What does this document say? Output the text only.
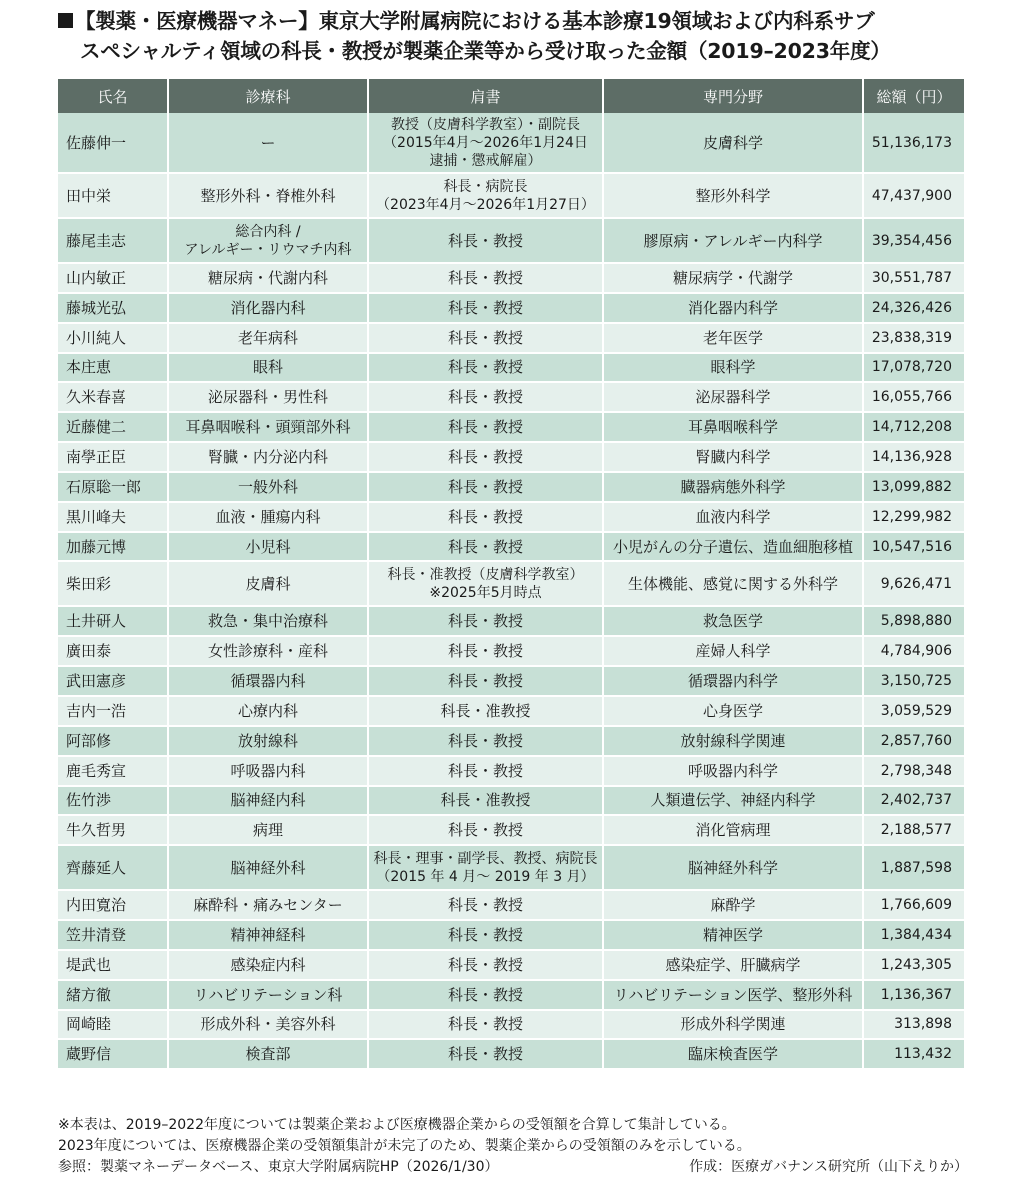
【製薬・医療機器マネー】東京大学附属病院における基本診療19領域および内科系サブ
スペシャルティ領域の科長・教授が製薬企業等から受け取った金額（2019–2023年度）
氏名	診療科	肩書	専門分野	総額（円）
佐藤伸一	ー	教授（皮膚科学教室）・副院長
（2015年4月～2026年1月24日
逮捕・懲戒解雇）	皮膚科学	51,136,173
田中栄	整形外科・脊椎外科	科長・病院長
（2023年4月～2026年1月27日）	整形外科学	47,437,900
藤尾圭志	総合内科 /
アレルギー・リウマチ内科	科長・教授	膠原病・アレルギー内科学	39,354,456
山内敏正	糖尿病・代謝内科	科長・教授	糖尿病学・代謝学	30,551,787
藤城光弘	消化器内科	科長・教授	消化器内科学	24,326,426
小川純人	老年病科	科長・教授	老年医学	23,838,319
本庄恵	眼科	科長・教授	眼科学	17,078,720
久米春喜	泌尿器科・男性科	科長・教授	泌尿器科学	16,055,766
近藤健二	耳鼻咽喉科・頭頸部外科	科長・教授	耳鼻咽喉科学	14,712,208
南學正臣	腎臓・内分泌内科	科長・教授	腎臓内科学	14,136,928
石原聡一郎	一般外科	科長・教授	臓器病態外科学	13,099,882
黒川峰夫	血液・腫瘍内科	科長・教授	血液内科学	12,299,982
加藤元博	小児科	科長・教授	小児がんの分子遺伝、造血細胞移植	10,547,516
柴田彩	皮膚科	科長・准教授（皮膚科学教室）
※2025年5月時点	生体機能、感覚に関する外科学	9,626,471
土井研人	救急・集中治療科	科長・教授	救急医学	5,898,880
廣田泰	女性診療科・産科	科長・教授	産婦人科学	4,784,906
武田憲彦	循環器内科	科長・教授	循環器内科学	3,150,725
吉内一浩	心療内科	科長・准教授	心身医学	3,059,529
阿部修	放射線科	科長・教授	放射線科学関連	2,857,760
鹿毛秀宣	呼吸器内科	科長・教授	呼吸器内科学	2,798,348
佐竹渉	脳神経内科	科長・准教授	人類遺伝学、神経内科学	2,402,737
牛久哲男	病理	科長・教授	消化管病理	2,188,577
齊藤延人	脳神経外科	科長・理事・副学長、教授、病院長
（2015 年 4 月～ 2019 年 3 月）	脳神経外科学	1,887,598
内田寛治	麻酔科・痛みセンター	科長・教授	麻酔学	1,766,609
笠井清登	精神神経科	科長・教授	精神医学	1,384,434
堤武也	感染症内科	科長・教授	感染症学、肝臓病学	1,243,305
緒方徹	リハビリテーション科	科長・教授	リハビリテーション医学、整形外科	1,136,367
岡崎睦	形成外科・美容外科	科長・教授	形成外科学関連	313,898
蔵野信	検査部	科長・教授	臨床検査医学	113,432
※本表は、2019–2022年度については製薬企業および医療機器企業からの受領額を合算して集計している。
2023年度については、医療機器企業の受領額集計が未完了のため、製薬企業からの受領額のみを示している。
参照：製薬マネーデータベース、東京大学附属病院HP（2026/1/30）	作成：医療ガバナンス研究所（山下えりか）
